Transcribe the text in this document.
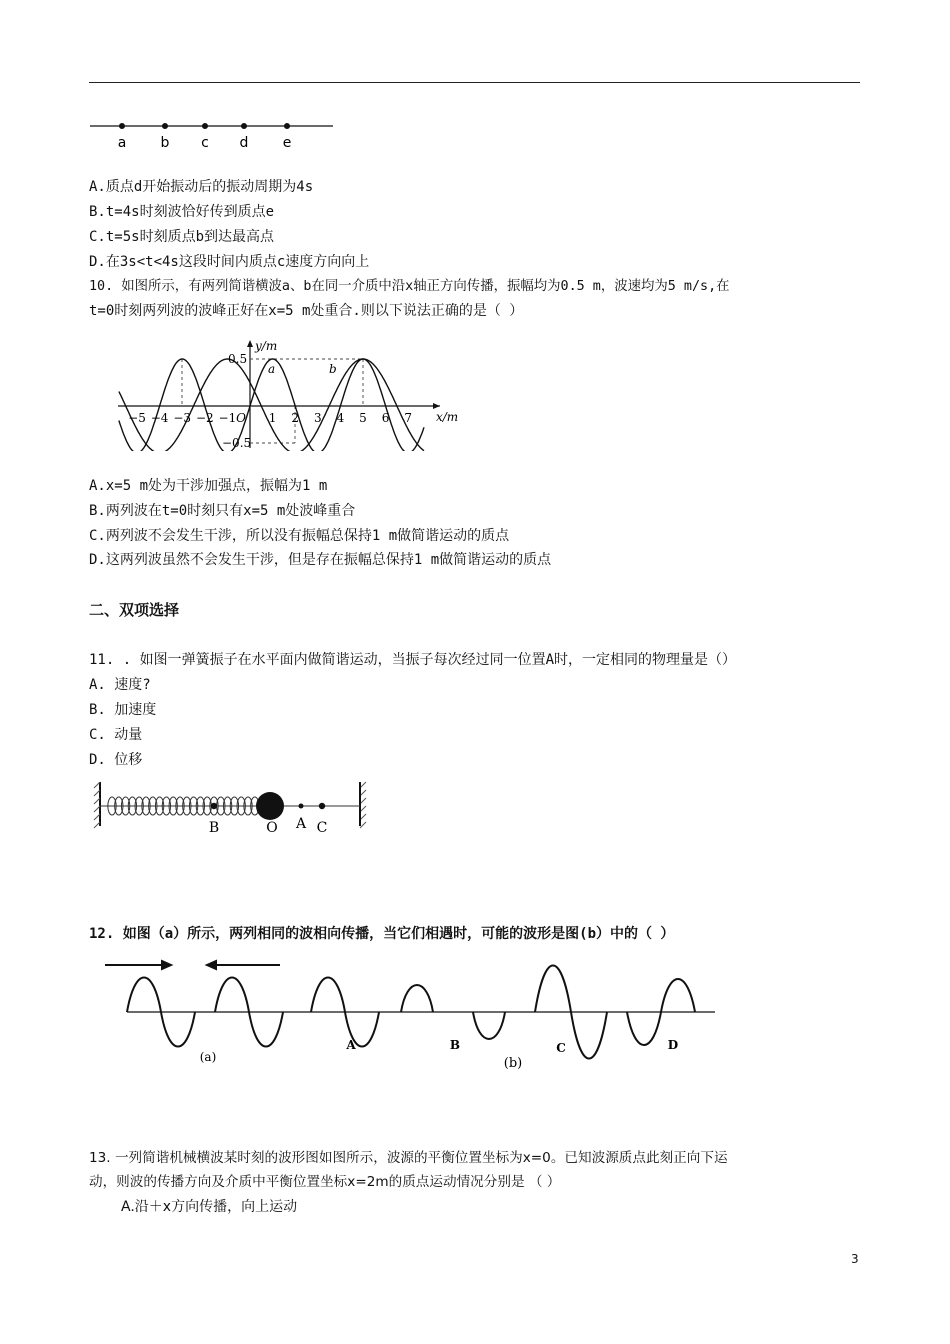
a b c d e
A.质点d开始振动后的振动周期为4s
B.t=4s时刻波恰好传到质点e
C.t=5s时刻质点b到达最高点
D.在3s<t<4s这段时间内质点c速度方向向上
10. 如图所示，有两列简谐横波a、b在同一介质中沿x轴正方向传播，振幅均为0.5 m，波速均为5 m/s,在
t=0时刻两列波的波峰正好在x=5 m处重合.则以下说法正确的是（ ）
0.5
−0.5
y/m
x/m
a	b
−5 −4 −3 −2 −1 O 1 2 3 4 5 6 7
A.x=5 m处为干涉加强点，振幅为1 m
B.两列波在t=0时刻只有x=5 m处波峰重合
C.两列波不会发生干涉，所以没有振幅总保持1 m做简谐运动的质点
D.这两列波虽然不会发生干涉，但是存在振幅总保持1 m做简谐运动的质点
二、双项选择
11. . 如图一弹簧振子在水平面内做简谐运动，当振子每次经过同一位置A时，一定相同的物理量是（）
A. 速度?
B. 加速度
C. 动量
D. 位移
B	O A C
12. 如图（a）所示，两列相同的波相向传播，当它们相遇时，可能的波形是图(b）中的（ ）
(a)
A	B
(b)
C	D
13. 一列简谐机械横波某时刻的波形图如图所示，波源的平衡位置坐标为x=0。已知波源质点此刻正向下运
动，则波的传播方向及介质中平衡位置坐标x=2m的质点运动情况分别是 （ ）
A.沿＋x方向传播，向上运动
3
